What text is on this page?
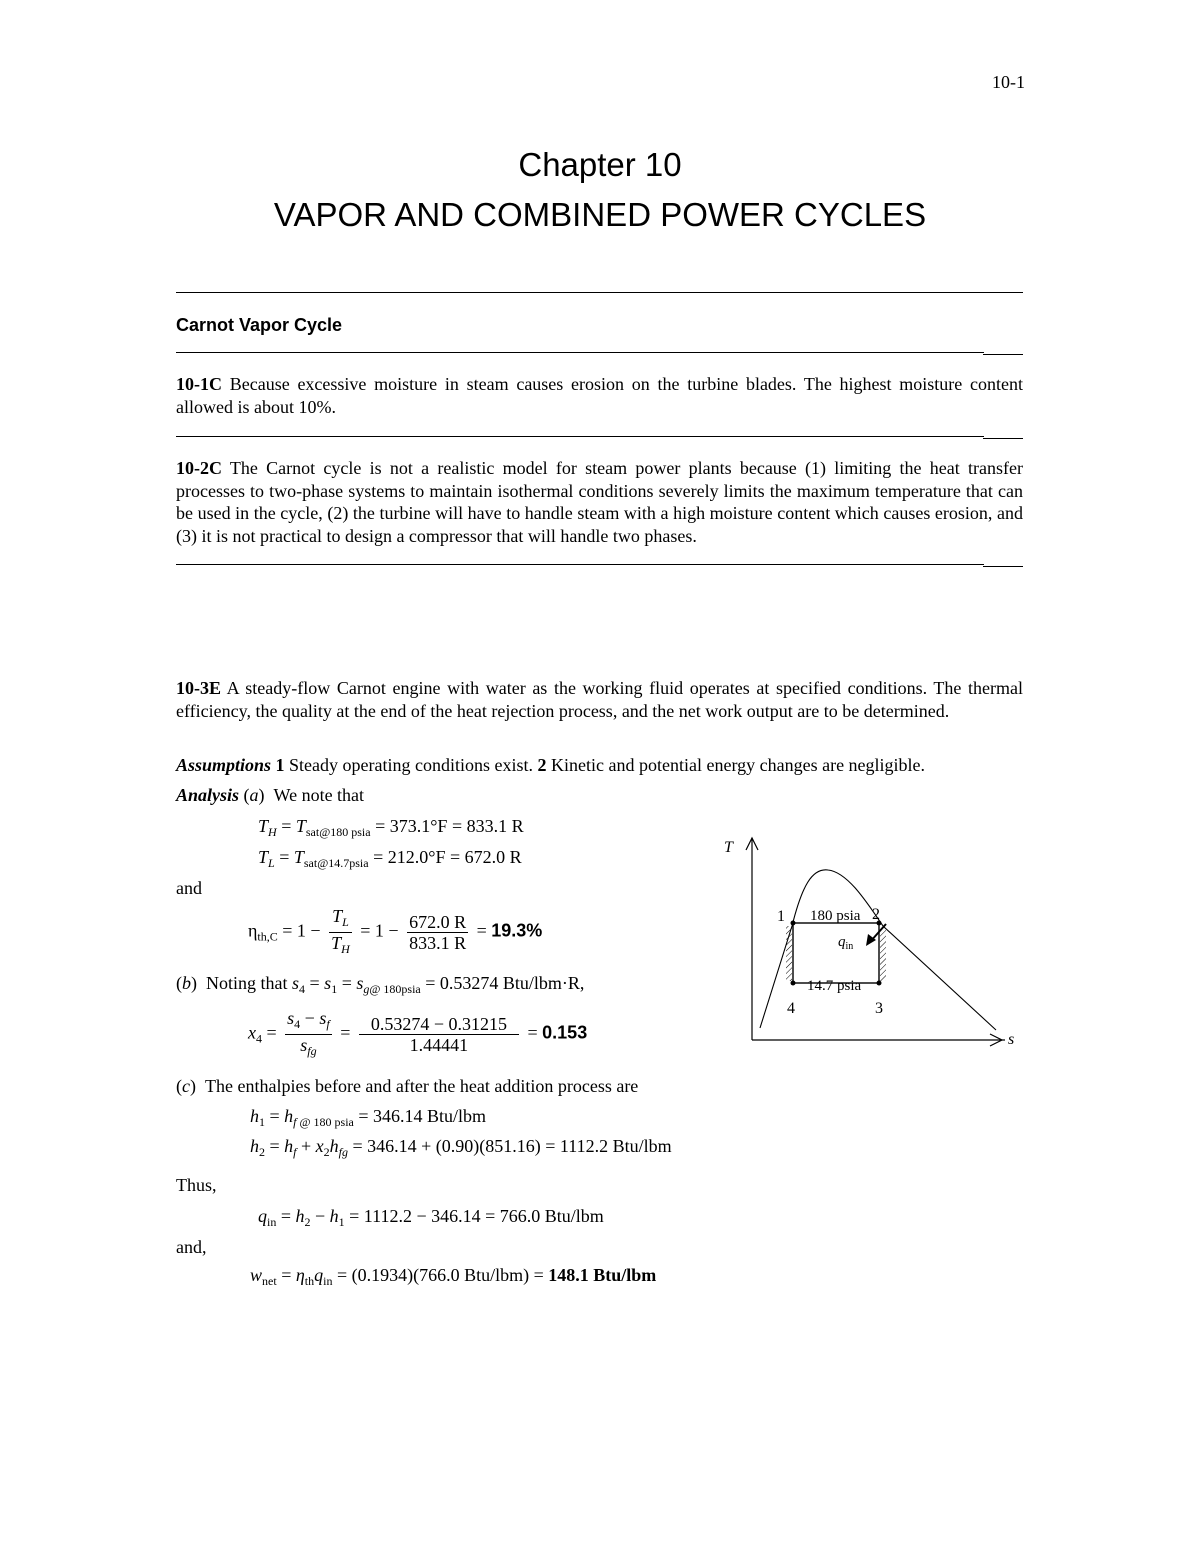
10-1
Chapter 10
VAPOR AND COMBINED POWER CYCLES
Carnot Vapor Cycle
10-1C Because excessive moisture in steam causes erosion on the turbine blades. The highest moisture content allowed is about 10%.
10-2C The Carnot cycle is not a realistic model for steam power plants because (1) limiting the heat transfer processes to two-phase systems to maintain isothermal conditions severely limits the maximum temperature that can be used in the cycle, (2) the turbine will have to handle steam with a high moisture content which causes erosion, and (3) it is not practical to design a compressor that will handle two phases.
10-3E A steady-flow Carnot engine with water as the working fluid operates at specified conditions. The thermal efficiency, the quality at the end of the heat rejection process, and the net work output are to be determined.
Assumptions 1 Steady operating conditions exist. 2 Kinetic and potential energy changes are negligible.
Analysis (a)  We note that
$T_H = T_{sat@180 psia} = 373.1^\circ F = 833.1$ R
$T_L = T_{sat@14.7psia} = 212.0^\circ F = 672.0$ R
and
$\eta_{th,C} = 1 - \frac{T_L}{T_H} = 1 - \frac{672.0 R}{833.1 R} = 19.3\%$
(b)  Noting that $s_4 = s_1 = s_{g@ 180psia} = 0.53274$ Btu/lbm·R,
$x_4 = \frac{s_4 - s_f}{s_{fg}} = \frac{0.53274 - 0.31215}{1.44441} = 0.153$
(c)  The enthalpies before and after the heat addition process are
$h_1 = h_{f @ 180 psia} = 346.14$ Btu/lbm
$h_2 = h_f + x_2h_{fg} = 346.14 + (0.90)(851.16) = 1112.2$ Btu/lbm
Thus,
$q_{in} = h_2 - h_1 = 1112.2 - 346.14 = 766.0$ Btu/lbm
and,
$w_{net} = \eta_{th}q_{in} = (0.1934)(766.0$ Btu/lbm) = 148.1 Btu/lbm
T
s
1	2
3
4
180 psia
14.7 psia
$q_{in}$
